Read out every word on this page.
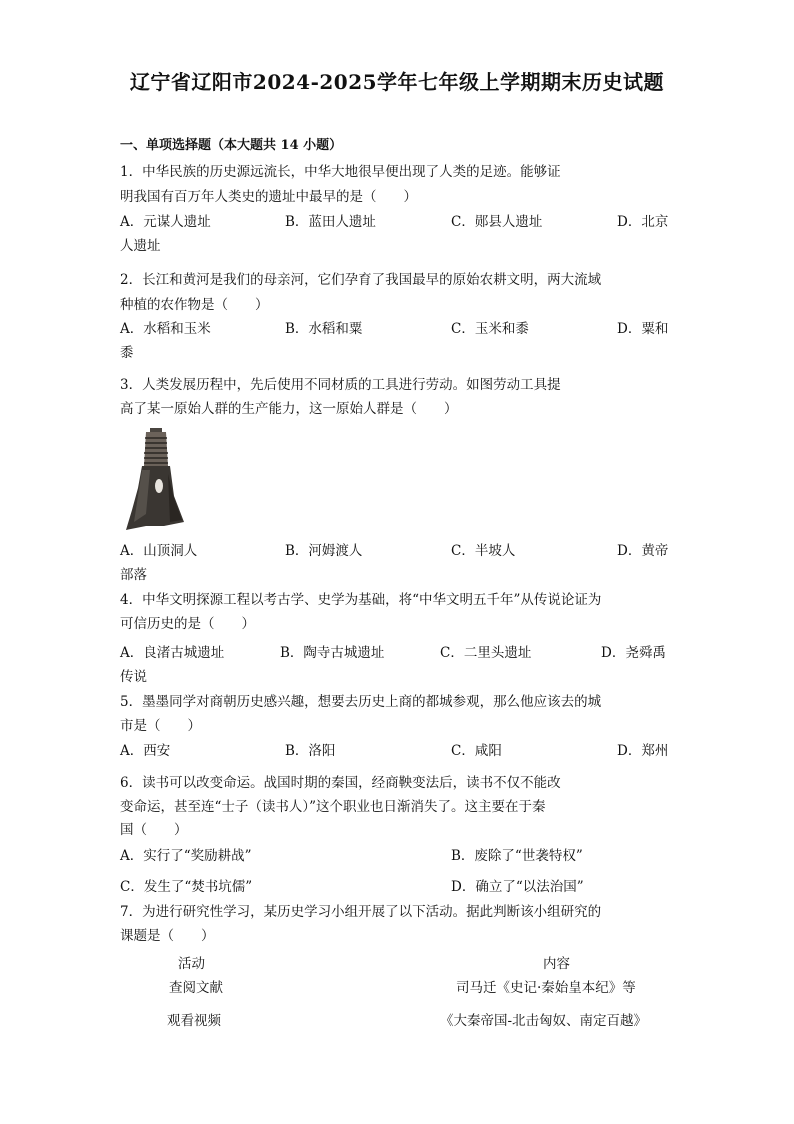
辽宁省辽阳市2024-2025学年七年级上学期期末历史试题
一、单项选择题（本大题共 14 小题）
1．中华民族的历史源远流长，中华大地很早便出现了人类的足迹。能够证
明我国有百万年人类史的遗址中最早的是（　　）
A．元谋人遗址	B．蓝田人遗址	C．郧县人遗址	D．北京
人遗址
2．长江和黄河是我们的母亲河，它们孕育了我国最早的原始农耕文明，两大流域
种植的农作物是（　　）
A．水稻和玉米	B．水稻和粟	C．玉米和黍	D．粟和
黍
3．人类发展历程中，先后使用不同材质的工具进行劳动。如图劳动工具提
高了某一原始人群的生产能力，这一原始人群是（　　）
A．山顶洞人	B．河姆渡人	C．半坡人	D．黄帝
部落
4．中华文明探源工程以考古学、史学为基础，将“中华文明五千年”从传说论证为
可信历史的是（　　）
A．良渚古城遗址	B．陶寺古城遗址	C．二里头遗址	D．尧舜禹
传说
5．墨墨同学对商朝历史感兴趣，想要去历史上商的都城参观，那么他应该去的城
市是（　　）
A．西安	B．洛阳	C．咸阳	D．郑州
6．读书可以改变命运。战国时期的秦国，经商鞅变法后，读书不仅不能改
变命运，甚至连“士子（读书人）”这个职业也日渐消失了。这主要在于秦
国（　　）
A．实行了“奖励耕战”	B．废除了“世袭特权”
C．发生了“焚书坑儒”	D．确立了“以法治国”
7．为进行研究性学习，某历史学习小组开展了以下活动。据此判断该小组研究的
课题是（　　）
活动	内容
查阅文献	司马迁《史记·秦始皇本纪》等
观看视频	《大秦帝国-北击匈奴、南定百越》
